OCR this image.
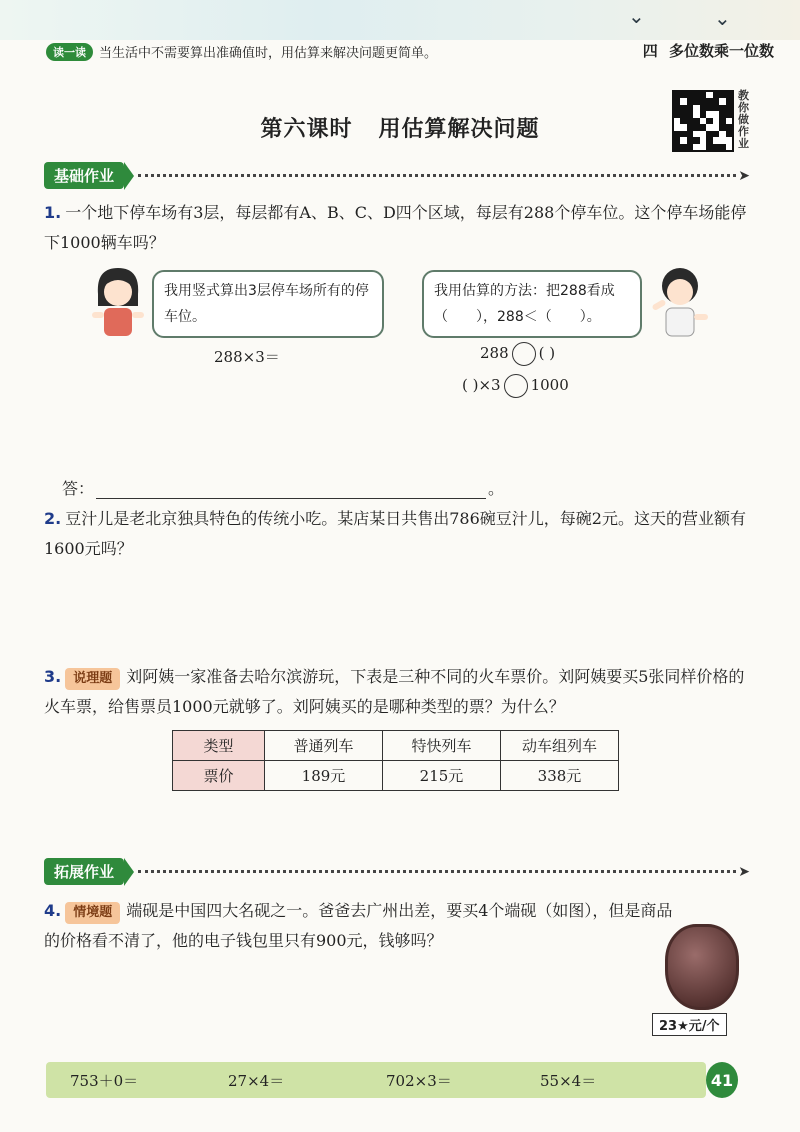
⌄	⌄
读一读	当生活中不需要算出准确值时，用估算来解决问题更简单。	四 多位数乘一位数
第六课时 用估算解决问题
教你做作业
基础作业	➤
1. 一个地下停车场有3层，每层都有A、B、C、D四个区域，每层有288个停车位。这个停车场能停下1000辆车吗？
我用竖式算出3层停车场所有的停车位。
我用估算的方法：把288看成（　　），288＜（　　）。
288×3＝	288 ( )
( )×3 1000
答：	。
2. 豆汁儿是老北京独具特色的传统小吃。某店某日共售出786碗豆汁儿，每碗2元。这天的营业额有1600元吗？
3. 说理题 刘阿姨一家准备去哈尔滨游玩，下表是三种不同的火车票价。刘阿姨要买5张同样价格的火车票，给售票员1000元就够了。刘阿姨买的是哪种类型的票？为什么？
类型	普通列车	特快列车	动车组列车
票价	189元	215元	338元
拓展作业	➤
4. 情境题 端砚是中国四大名砚之一。爸爸去广州出差，要买4个端砚（如图），但是商品的价格看不清了，他的电子钱包里只有900元，钱够吗？
23★元/个
753＋0＝	27×4＝	702×3＝	55×4＝	41
